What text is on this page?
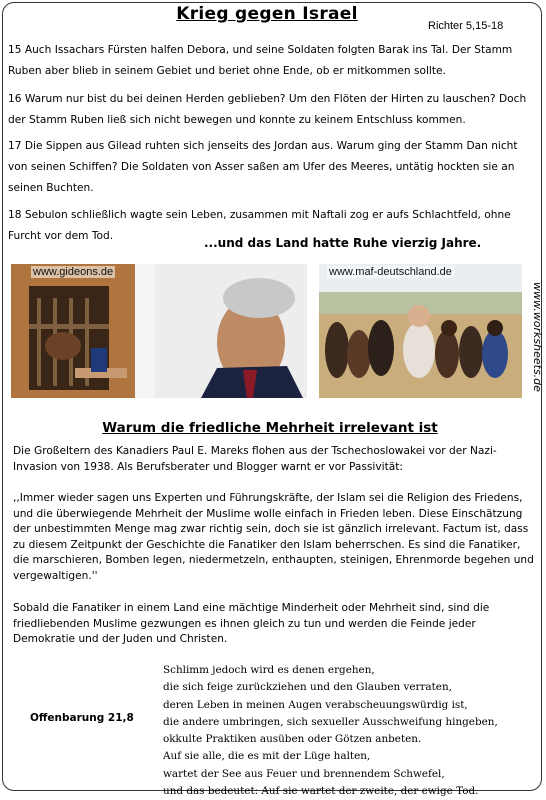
Krieg gegen Israel
Richter 5,15-18
15 Auch Issachars Fürsten halfen Debora, und seine Soldaten folgten Barak ins Tal. Der Stamm Ruben aber blieb in seinem Gebiet und beriet ohne Ende, ob er mitkommen sollte.
16 Warum nur bist du bei deinen Herden geblieben? Um den Flöten der Hirten zu lauschen? Doch der Stamm Ruben ließ sich nicht bewegen und konnte zu keinem Entschluss kommen.
17 Die Sippen aus Gilead ruhten sich jenseits des Jordan aus. Warum ging der Stamm Dan nicht von seinen Schiffen? Die Soldaten von Asser saßen am Ufer des Meeres, untätig hockten sie an seinen Buchten.
18 Sebulon schließlich wagte sein Leben, zusammen mit Naftali zog er aufs Schlachtfeld, ohne Furcht vor dem Tod.	...und das Land hatte Ruhe vierzig Jahre.
www.gideons.de	www.maf-deutschland.de
www.worksheets.de
Warum die friedliche Mehrheit irrelevant ist
Die Großeltern des Kanadiers Paul E. Mareks flohen aus der Tschechoslowakei vor der Nazi-Invasion von 1938. Als Berufsberater und Blogger warnt er vor Passivität:
,,Immer wieder sagen uns Experten und Führungskräfte, der Islam sei die Religion des Friedens, und die überwiegende Mehrheit der Muslime wolle einfach in Frieden leben. Diese Einschätzung der unbestimmten Menge mag zwar richtig sein, doch sie ist gänzlich irrelevant. Factum ist, dass zu diesem Zeitpunkt der Geschichte die Fanatiker den Islam beherrschen. Es sind die Fanatiker, die marschieren, Bomben legen, niedermetzeln, enthaupten, steinigen, Ehrenmorde begehen und vergewaltigen.''
Sobald die Fanatiker in einem Land eine mächtige Minderheit oder Mehrheit sind, sind die friedliebenden Muslime gezwungen es ihnen gleich zu tun und werden die Feinde jeder Demokratie und der Juden und Christen.
Offenbarung 21,8
Schlimm jedoch wird es denen ergehen,
die sich feige zurückziehen und den Glauben verraten,
deren Leben in meinen Augen verabscheuungswürdig ist,
die andere umbringen, sich sexueller Ausschweifung hingeben,
okkulte Praktiken ausüben oder Götzen anbeten.
Auf sie alle, die es mit der Lüge halten,
wartet der See aus Feuer und brennendem Schwefel,
und das bedeutet: Auf sie wartet der zweite, der ewige Tod.
